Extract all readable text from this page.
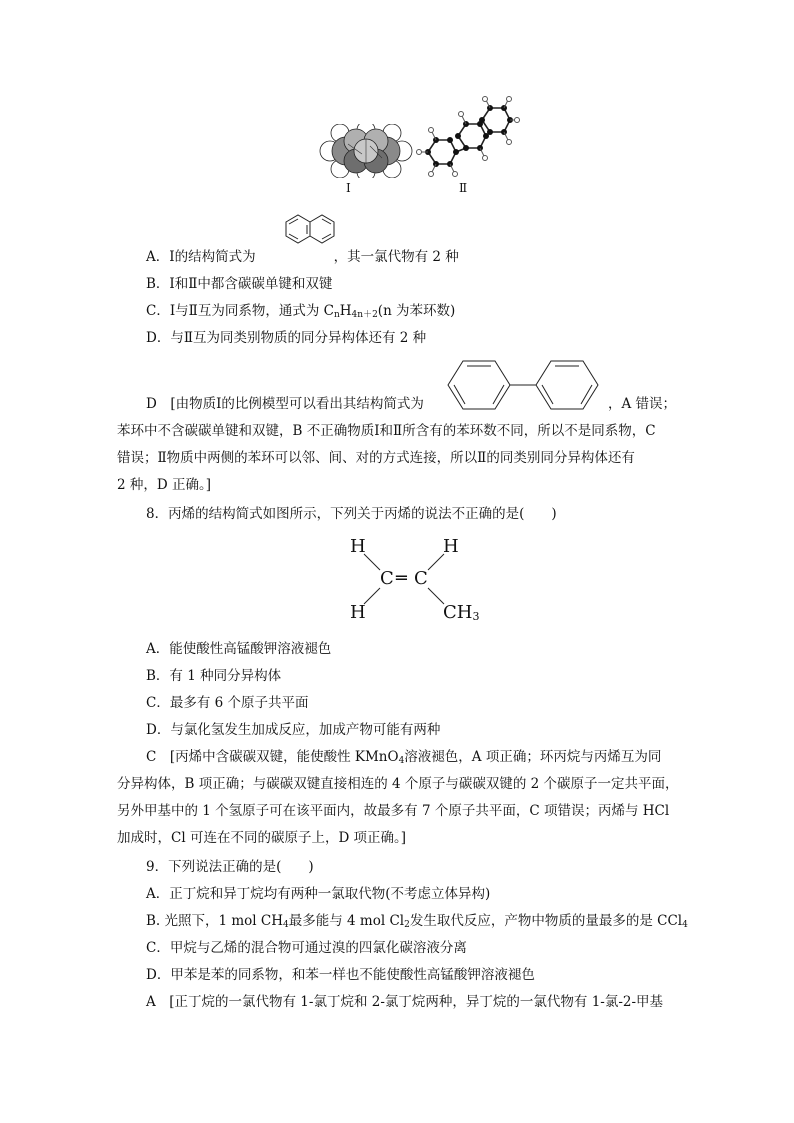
Ⅰ	Ⅱ
A．Ⅰ的结构简式为	，其一氯代物有 2 种
B．Ⅰ和Ⅱ中都含碳碳单键和双键
C．Ⅰ与Ⅱ互为同系物，通式为 $C_nH_{4n+2}(n$ 为苯环数)
D．与Ⅱ互为同类别物质的同分异构体还有 2 种
D　[由物质Ⅰ的比例模型可以看出其结构简式为	，A 错误；
苯环中不含碳碳单键和双键，B 不正确物质Ⅰ和Ⅱ所含有的苯环数不同，所以不是同系物，C
错误；Ⅱ物质中两侧的苯环可以邻、间、对的方式连接，所以Ⅱ的同类别同分异构体还有
2 种，D 正确。]
8．丙烯的结构简式如图所示，下列关于丙烯的说法不正确的是(　　)
H	H
C ═ C
H	$CH_3$
A．能使酸性高锰酸钾溶液褪色
B．有 1 种同分异构体
C．最多有 6 个原子共平面
D．与氯化氢发生加成反应，加成产物可能有两种
C　[丙烯中含碳碳双键，能使酸性 KMnO$_4$溶液褪色，A 项正确；环丙烷与丙烯互为同
分异构体，B 项正确；与碳碳双键直接相连的 4 个原子与碳碳双键的 2 个碳原子一定共平面，
另外甲基中的 1 个氢原子可在该平面内，故最多有 7 个原子共平面，C 项错误；丙烯与 HCl
加成时，Cl 可连在不同的碳原子上，D 项正确。]
9．下列说法正确的是(　　)
A．正丁烷和异丁烷均有两种一氯取代物(不考虑立体异构)
B. 光照下，1 mol $CH_4$最多能与 4 mol $Cl_2$发生取代反应，产物中物质的量最多的是 CCl$_4$
C．甲烷与乙烯的混合物可通过溴的四氯化碳溶液分离
D．甲苯是苯的同系物，和苯一样也不能使酸性高锰酸钾溶液褪色
A　[正丁烷的一氯代物有 1-氯丁烷和 2-氯丁烷两种，异丁烷的一氯代物有 1-氯-2-甲基
